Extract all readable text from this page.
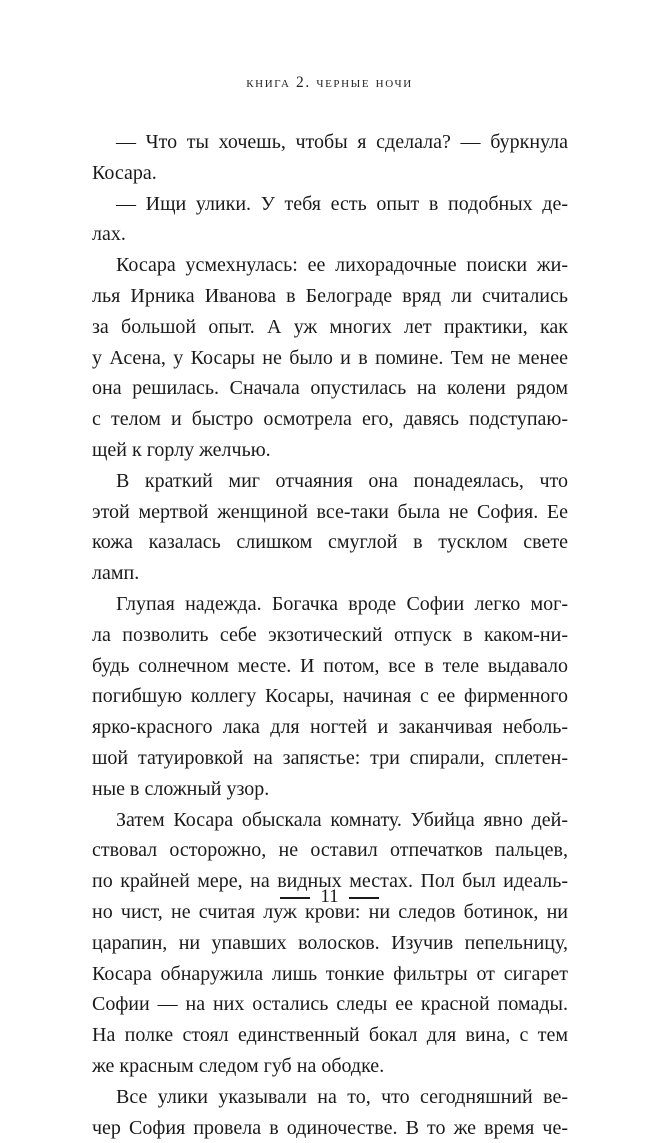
книга 2. черные ночи
— Что ты хочешь, чтобы я сделала? — буркнула
Косара.
— Ищи улики. У тебя есть опыт в подобных де-
лах.
Косара усмехнулась: ее лихорадочные поиски жи-
лья Ирника Иванова в Белограде вряд ли считались
за большой опыт. А уж многих лет практики, как
у Асена, у Косары не было и в помине. Тем не менее
она решилась. Сначала опустилась на колени рядом
с телом и быстро осмотрела его, давясь подступаю-
щей к горлу желчью.
В краткий миг отчаяния она понадеялась, что
этой мертвой женщиной все-таки была не София. Ее
кожа казалась слишком смуглой в тусклом свете
ламп.
Глупая надежда. Богачка вроде Софии легко мог-
ла позволить себе экзотический отпуск в каком-ни-
будь солнечном месте. И потом, все в теле выдавало
погибшую коллегу Косары, начиная с ее фирменного
ярко-красного лака для ногтей и заканчивая неболь-
шой татуировкой на запястье: три спирали, сплетен-
ные в сложный узор.
Затем Косара обыскала комнату. Убийца явно дей-
ствовал осторожно, не оставил отпечатков пальцев,
по крайней мере, на видных местах. Пол был идеаль-
но чист, не считая луж крови: ни следов ботинок, ни
царапин, ни упавших волосков. Изучив пепельницу,
Косара обнаружила лишь тонкие фильтры от сигарет
Софии — на них остались следы ее красной помады.
На полке стоял единственный бокал для вина, с тем
же красным следом губ на ободке.
Все улики указывали на то, что сегодняшний ве-
чер София провела в одиночестве. В то же время че-
11
